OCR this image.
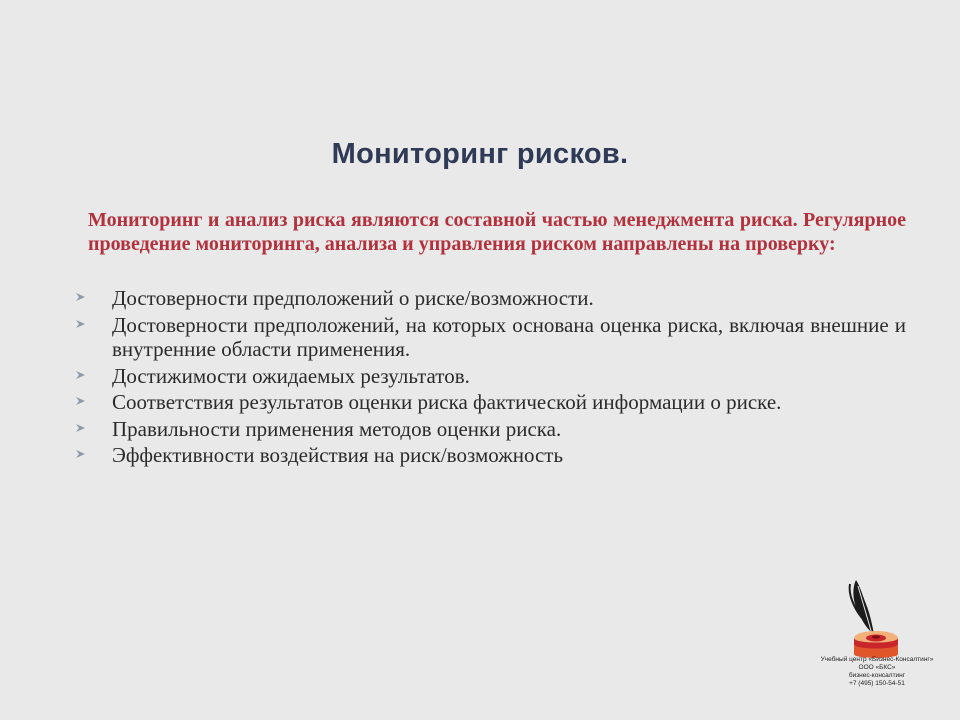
Мониторинг рисков.
Мониторинг и анализ риска являются составной частью менеджмента риска. Регулярное проведение мониторинга, анализа и управления риском направлены на проверку:
Достоверности предположений о риске/возможности.
Достоверности предположений, на которых основана оценка риска, включая внешние и внутренние области применения.
Достижимости ожидаемых результатов.
Соответствия результатов оценки риска фактической информации о риске.
Правильности применения методов оценки риска.
Эффективности воздействия на риск/возможность
Учебный центр «Бизнес-Консалтинг»
ООО «БКС»
бизнес-консалтинг
+7 (495) 150-54-51
